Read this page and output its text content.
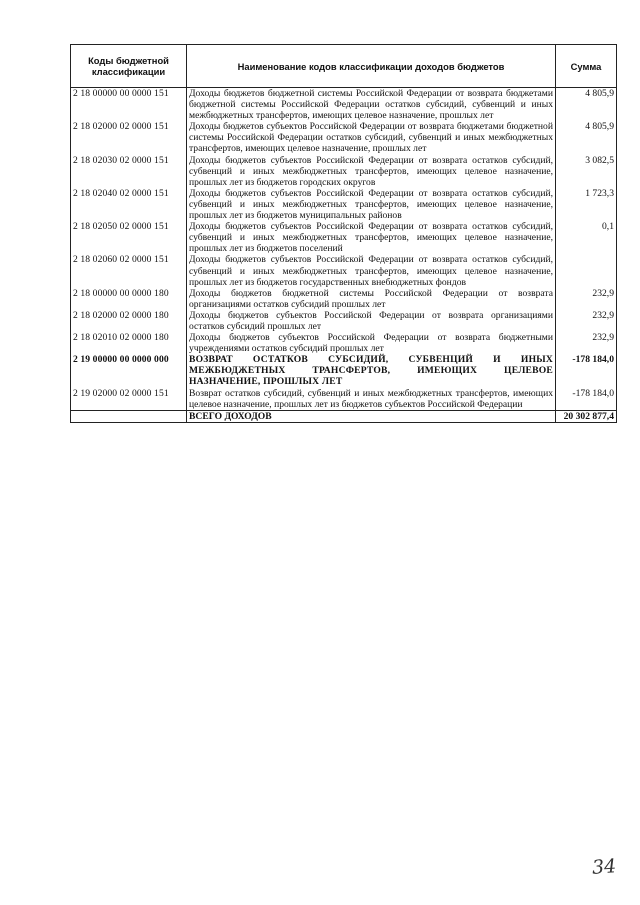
Коды бюджетной классификации	Наименование кодов классификации доходов бюджетов	Сумма
2 18 00000 00 0000 151	Доходы бюджетов бюджетной системы Российской Федерации от возврата бюджетами бюджетной системы Российской Федерации остатков субсидий, субвенций и иных межбюджетных трансфертов, имеющих целевое назначение, прошлых лет	4 805,9
2 18 02000 02 0000 151	Доходы бюджетов субъектов Российской Федерации от возврата бюджетами бюджетной системы Российской Федерации остатков субсидий, субвенций и иных межбюджетных трансфертов, имеющих целевое назначение, прошлых лет	4 805,9
2 18 02030 02 0000 151	Доходы бюджетов субъектов Российской Федерации от возврата остатков субсидий, субвенций и иных межбюджетных трансфертов, имеющих целевое назначение, прошлых лет из бюджетов городских округов	3 082,5
2 18 02040 02 0000 151	Доходы бюджетов субъектов Российской Федерации от возврата остатков субсидий, субвенций и иных межбюджетных трансфертов, имеющих целевое назначение, прошлых лет из бюджетов муниципальных районов	1 723,3
2 18 02050 02 0000 151	Доходы бюджетов субъектов Российской Федерации от возврата остатков субсидий, субвенций и иных межбюджетных трансфертов, имеющих целевое назначение, прошлых лет из бюджетов поселений	0,1
2 18 02060 02 0000 151	Доходы бюджетов субъектов Российской Федерации от возврата остатков субсидий, субвенций и иных межбюджетных трансфертов, имеющих целевое назначение, прошлых лет из бюджетов государственных внебюджетных фондов	
2 18 00000 00 0000 180	Доходы бюджетов бюджетной системы Российской Федерации от возврата организациями остатков субсидий прошлых лет	232,9
2 18 02000 02 0000 180	Доходы бюджетов субъектов Российской Федерации от возврата организациями остатков субсидий прошлых лет	232,9
2 18 02010 02 0000 180	Доходы бюджетов субъектов Российской Федерации от возврата бюджетными учреждениями остатков субсидий прошлых лет	232,9
2 19 00000 00 0000 000	ВОЗВРАТ ОСТАТКОВ СУБСИДИЙ, СУБВЕНЦИЙ И ИНЫХ МЕЖБЮДЖЕТНЫХ ТРАНСФЕРТОВ, ИМЕЮЩИХ ЦЕЛЕВОЕ НАЗНАЧЕНИЕ, ПРОШЛЫХ ЛЕТ	-178 184,0
2 19 02000 02 0000 151	Возврат остатков субсидий, субвенций и иных межбюджетных трансфертов, имеющих целевое назначение, прошлых лет из бюджетов субъектов Российской Федерации	-178 184,0
	ВСЕГО ДОХОДОВ	20 302 877,4
34
